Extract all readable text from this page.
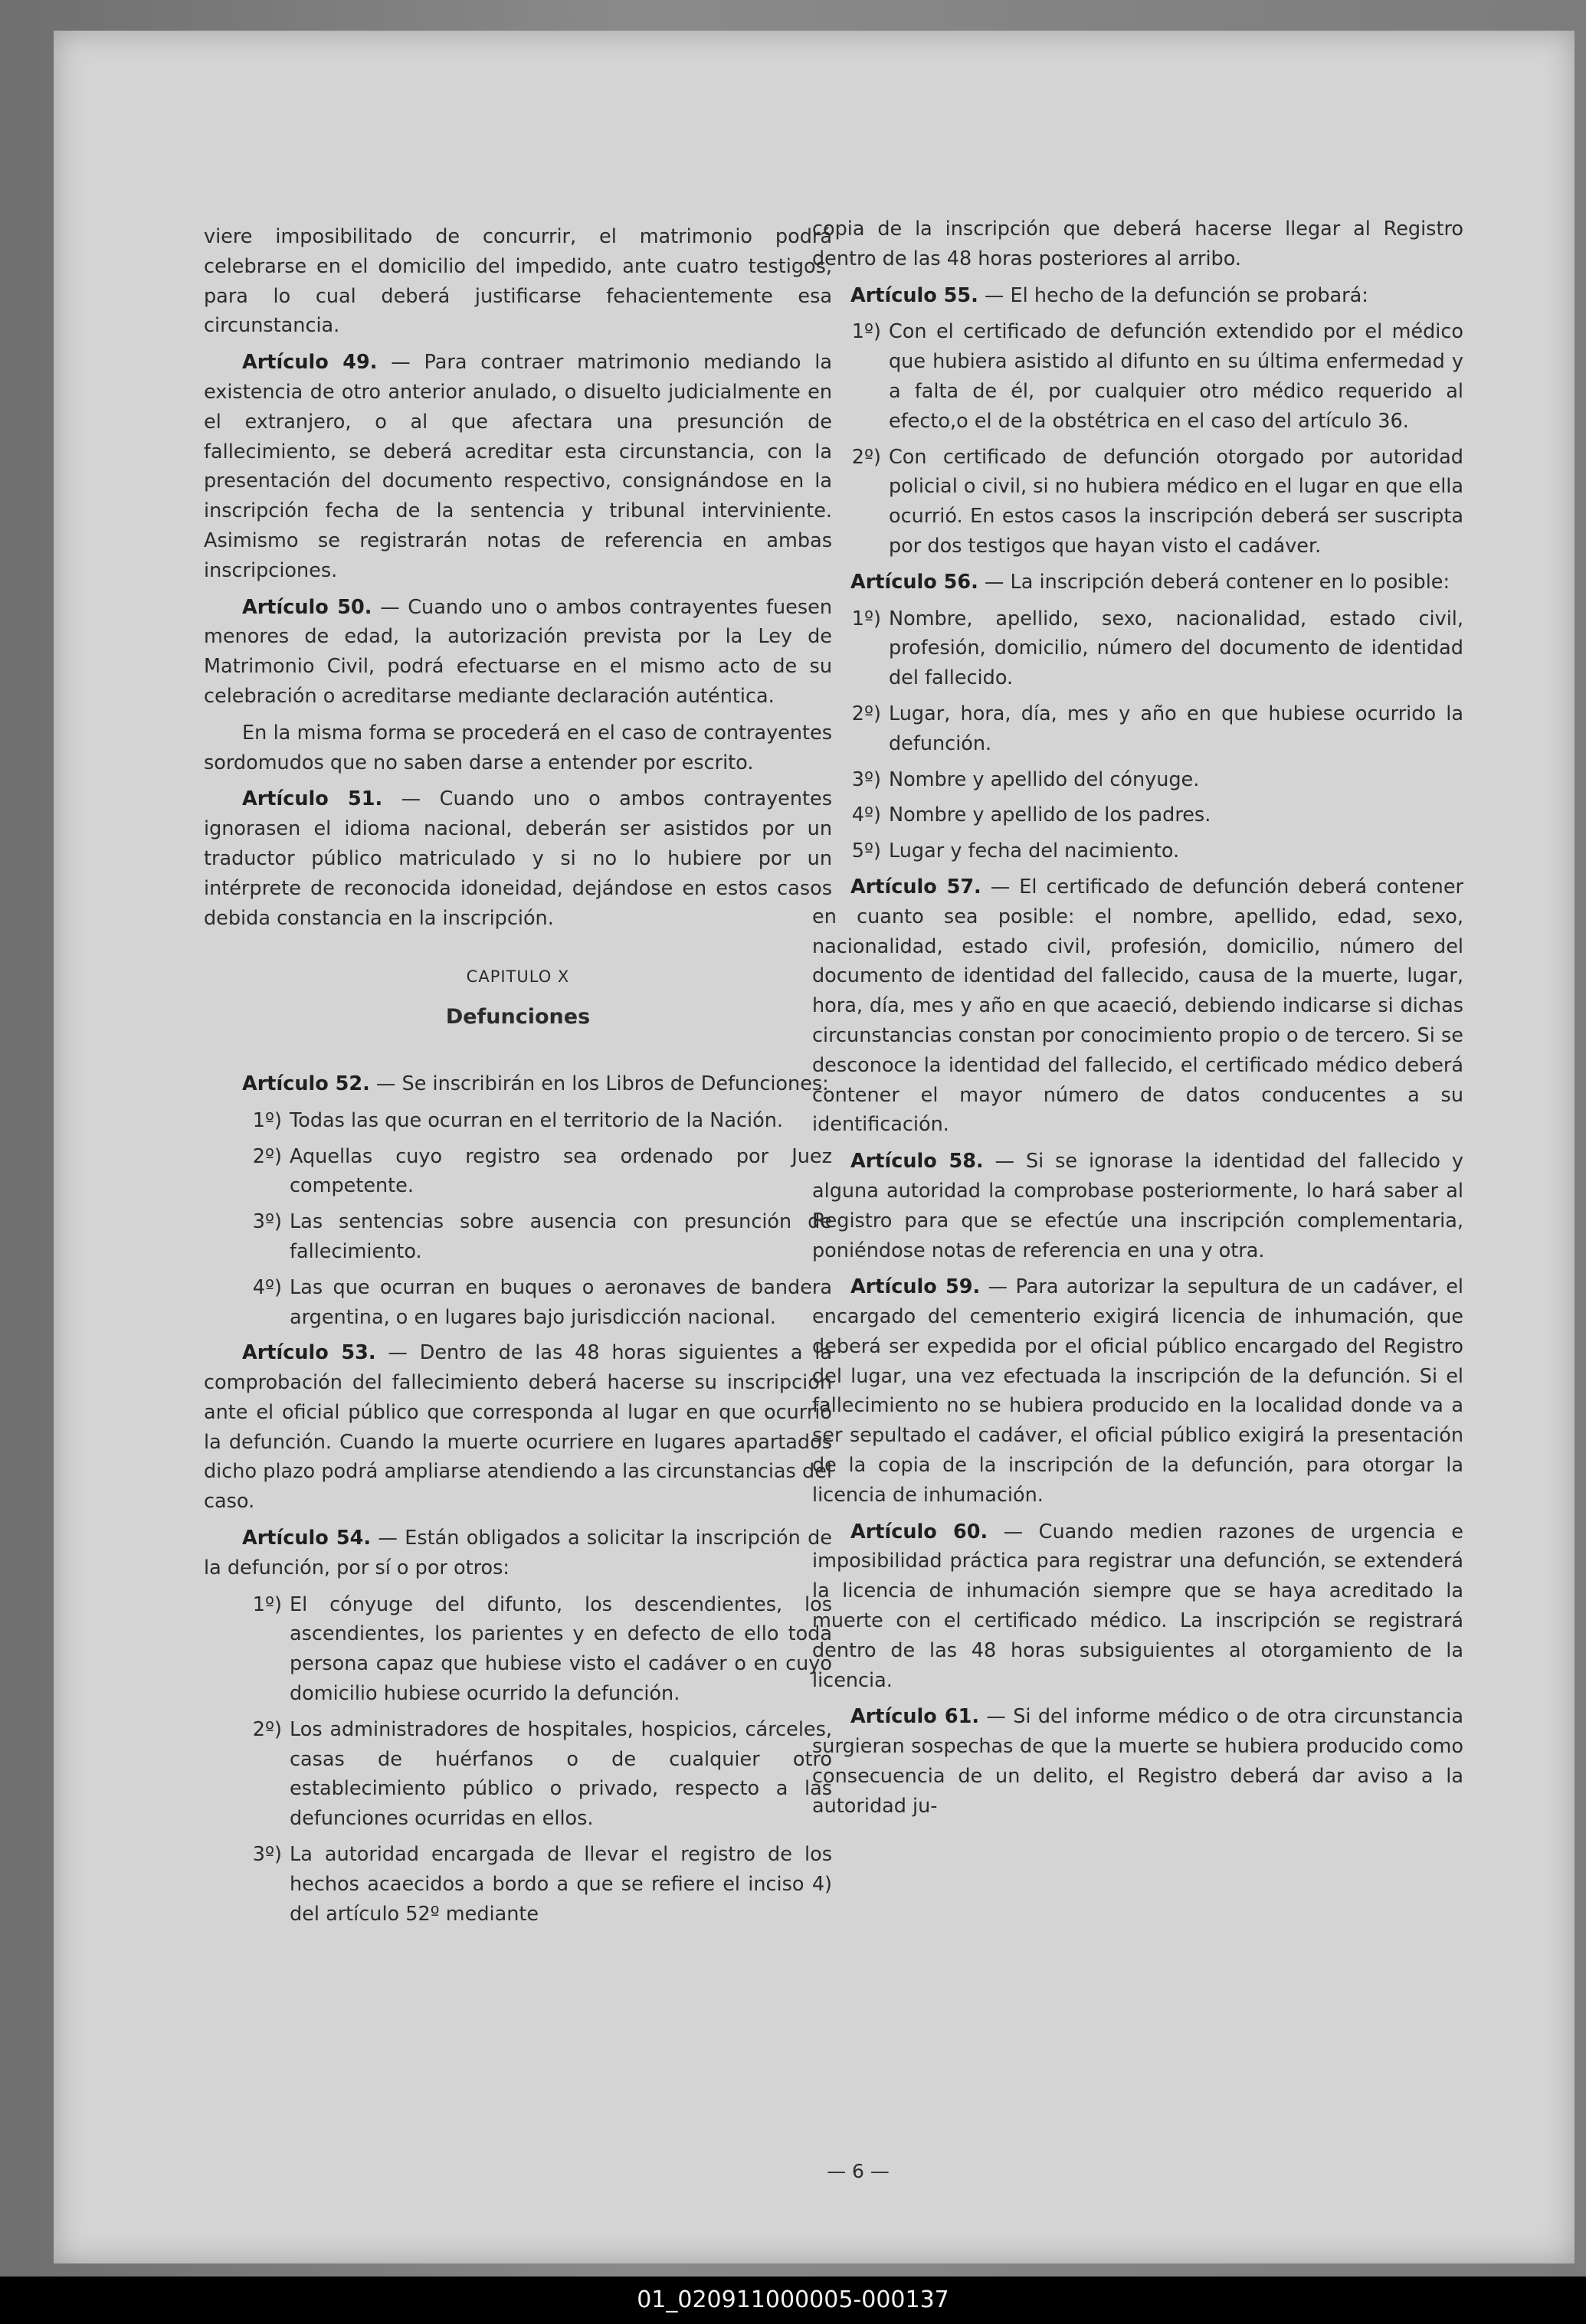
viere imposibilitado de concurrir, el matrimonio podrá celebrarse en el domicilio del impedido, ante cuatro testigos, para lo cual deberá justificarse fehacientemente esa circunstancia.

Artículo 49. — Para contraer matrimonio mediando la existencia de otro anterior anulado, o disuelto judicialmente en el extranjero, o al que afectara una presunción de fallecimiento, se deberá acreditar esta circunstancia, con la presentación del documento respectivo, consignándose en la inscripción fecha de la sentencia y tribunal interviniente. Asimismo se registrarán notas de referencia en ambas inscripciones.

Artículo 50. — Cuando uno o ambos contrayentes fuesen menores de edad, la autorización prevista por la Ley de Matrimonio Civil, podrá efectuarse en el mismo acto de su celebración o acreditarse mediante declaración auténtica.

En la misma forma se procederá en el caso de contrayentes sordomudos que no saben darse a entender por escrito.

Artículo 51. — Cuando uno o ambos contrayentes ignorasen el idioma nacional, deberán ser asistidos por un traductor público matriculado y si no lo hubiere por un intérprete de reconocida idoneidad, dejándose en estos casos debida constancia en la inscripción.

CAPITULO X
Defunciones

Artículo 52. — Se inscribirán en los Libros de Defunciones:

1º) Todas las que ocurran en el territorio de la Nación.
2º) Aquellas cuyo registro sea ordenado por Juez competente.
3º) Las sentencias sobre ausencia con presunción de fallecimiento.
4º) Las que ocurran en buques o aeronaves de bandera argentina, o en lugares bajo jurisdicción nacional.

Artículo 53. — Dentro de las 48 horas siguientes a la comprobación del fallecimiento deberá hacerse su inscripción ante el oficial público que corresponda al lugar en que ocurrió la defunción. Cuando la muerte ocurriere en lugares apartados dicho plazo podrá ampliarse atendiendo a las circunstancias del caso.

Artículo 54. — Están obligados a solicitar la inscripción de la defunción, por sí o por otros:

1º) El cónyuge del difunto, los descendientes, los ascendientes, los parientes y en defecto de ello toda persona capaz que hubiese visto el cadáver o en cuyo domicilio hubiese ocurrido la defunción.
2º) Los administradores de hospitales, hospicios, cárceles, casas de huérfanos o de cualquier otro establecimiento público o privado, respecto a las defunciones ocurridas en ellos.
3º) La autoridad encargada de llevar el registro de los hechos acaecidos a bordo a que se refiere el inciso 4) del artículo 52º mediante

copia de la inscripción que deberá hacerse llegar al Registro dentro de las 48 horas posteriores al arribo.

Artículo 55. — El hecho de la defunción se probará:

1º) Con el certificado de defunción extendido por el médico que hubiera asistido al difunto en su última enfermedad y a falta de él, por cualquier otro médico requerido al efecto,o el de la obstétrica en el caso del artículo 36.
2º) Con certificado de defunción otorgado por autoridad policial o civil, si no hubiera médico en el lugar en que ella ocurrió. En estos casos la inscripción deberá ser suscripta por dos testigos que hayan visto el cadáver.

Artículo 56. — La inscripción deberá contener en lo posible:

1º) Nombre, apellido, sexo, nacionalidad, estado civil, profesión, domicilio, número del documento de identidad del fallecido.
2º) Lugar, hora, día, mes y año en que hubiese ocurrido la defunción.
3º) Nombre y apellido del cónyuge.
4º) Nombre y apellido de los padres.
5º) Lugar y fecha del nacimiento.

Artículo 57. — El certificado de defunción deberá contener en cuanto sea posible: el nombre, apellido, edad, sexo, nacionalidad, estado civil, profesión, domicilio, número del documento de identidad del fallecido, causa de la muerte, lugar, hora, día, mes y año en que acaeció, debiendo indicarse si dichas circunstancias constan por conocimiento propio o de tercero. Si se desconoce la identidad del fallecido, el certificado médico deberá contener el mayor número de datos conducentes a su identificación.

Artículo 58. — Si se ignorase la identidad del fallecido y alguna autoridad la comprobase posteriormente, lo hará saber al Registro para que se efectúe una inscripción complementaria, poniéndose notas de referencia en una y otra.

Artículo 59. — Para autorizar la sepultura de un cadáver, el encargado del cementerio exigirá licencia de inhumación, que deberá ser expedida por el oficial público encargado del Registro del lugar, una vez efectuada la inscripción de la defunción. Si el fallecimiento no se hubiera producido en la localidad donde va a ser sepultado el cadáver, el oficial público exigirá la presentación de la copia de la inscripción de la defunción, para otorgar la licencia de inhumación.

Artículo 60. — Cuando medien razones de urgencia e imposibilidad práctica para registrar una defunción, se extenderá la licencia de inhumación siempre que se haya acreditado la muerte con el certificado médico. La inscripción se registrará dentro de las 48 horas subsiguientes al otorgamiento de la licencia.

Artículo 61. — Si del informe médico o de otra circunstancia surgieran sospechas de que la muerte se hubiera producido como consecuencia de un delito, el Registro deberá dar aviso a la autoridad ju-

— 6 —
01_020911000005-000137
